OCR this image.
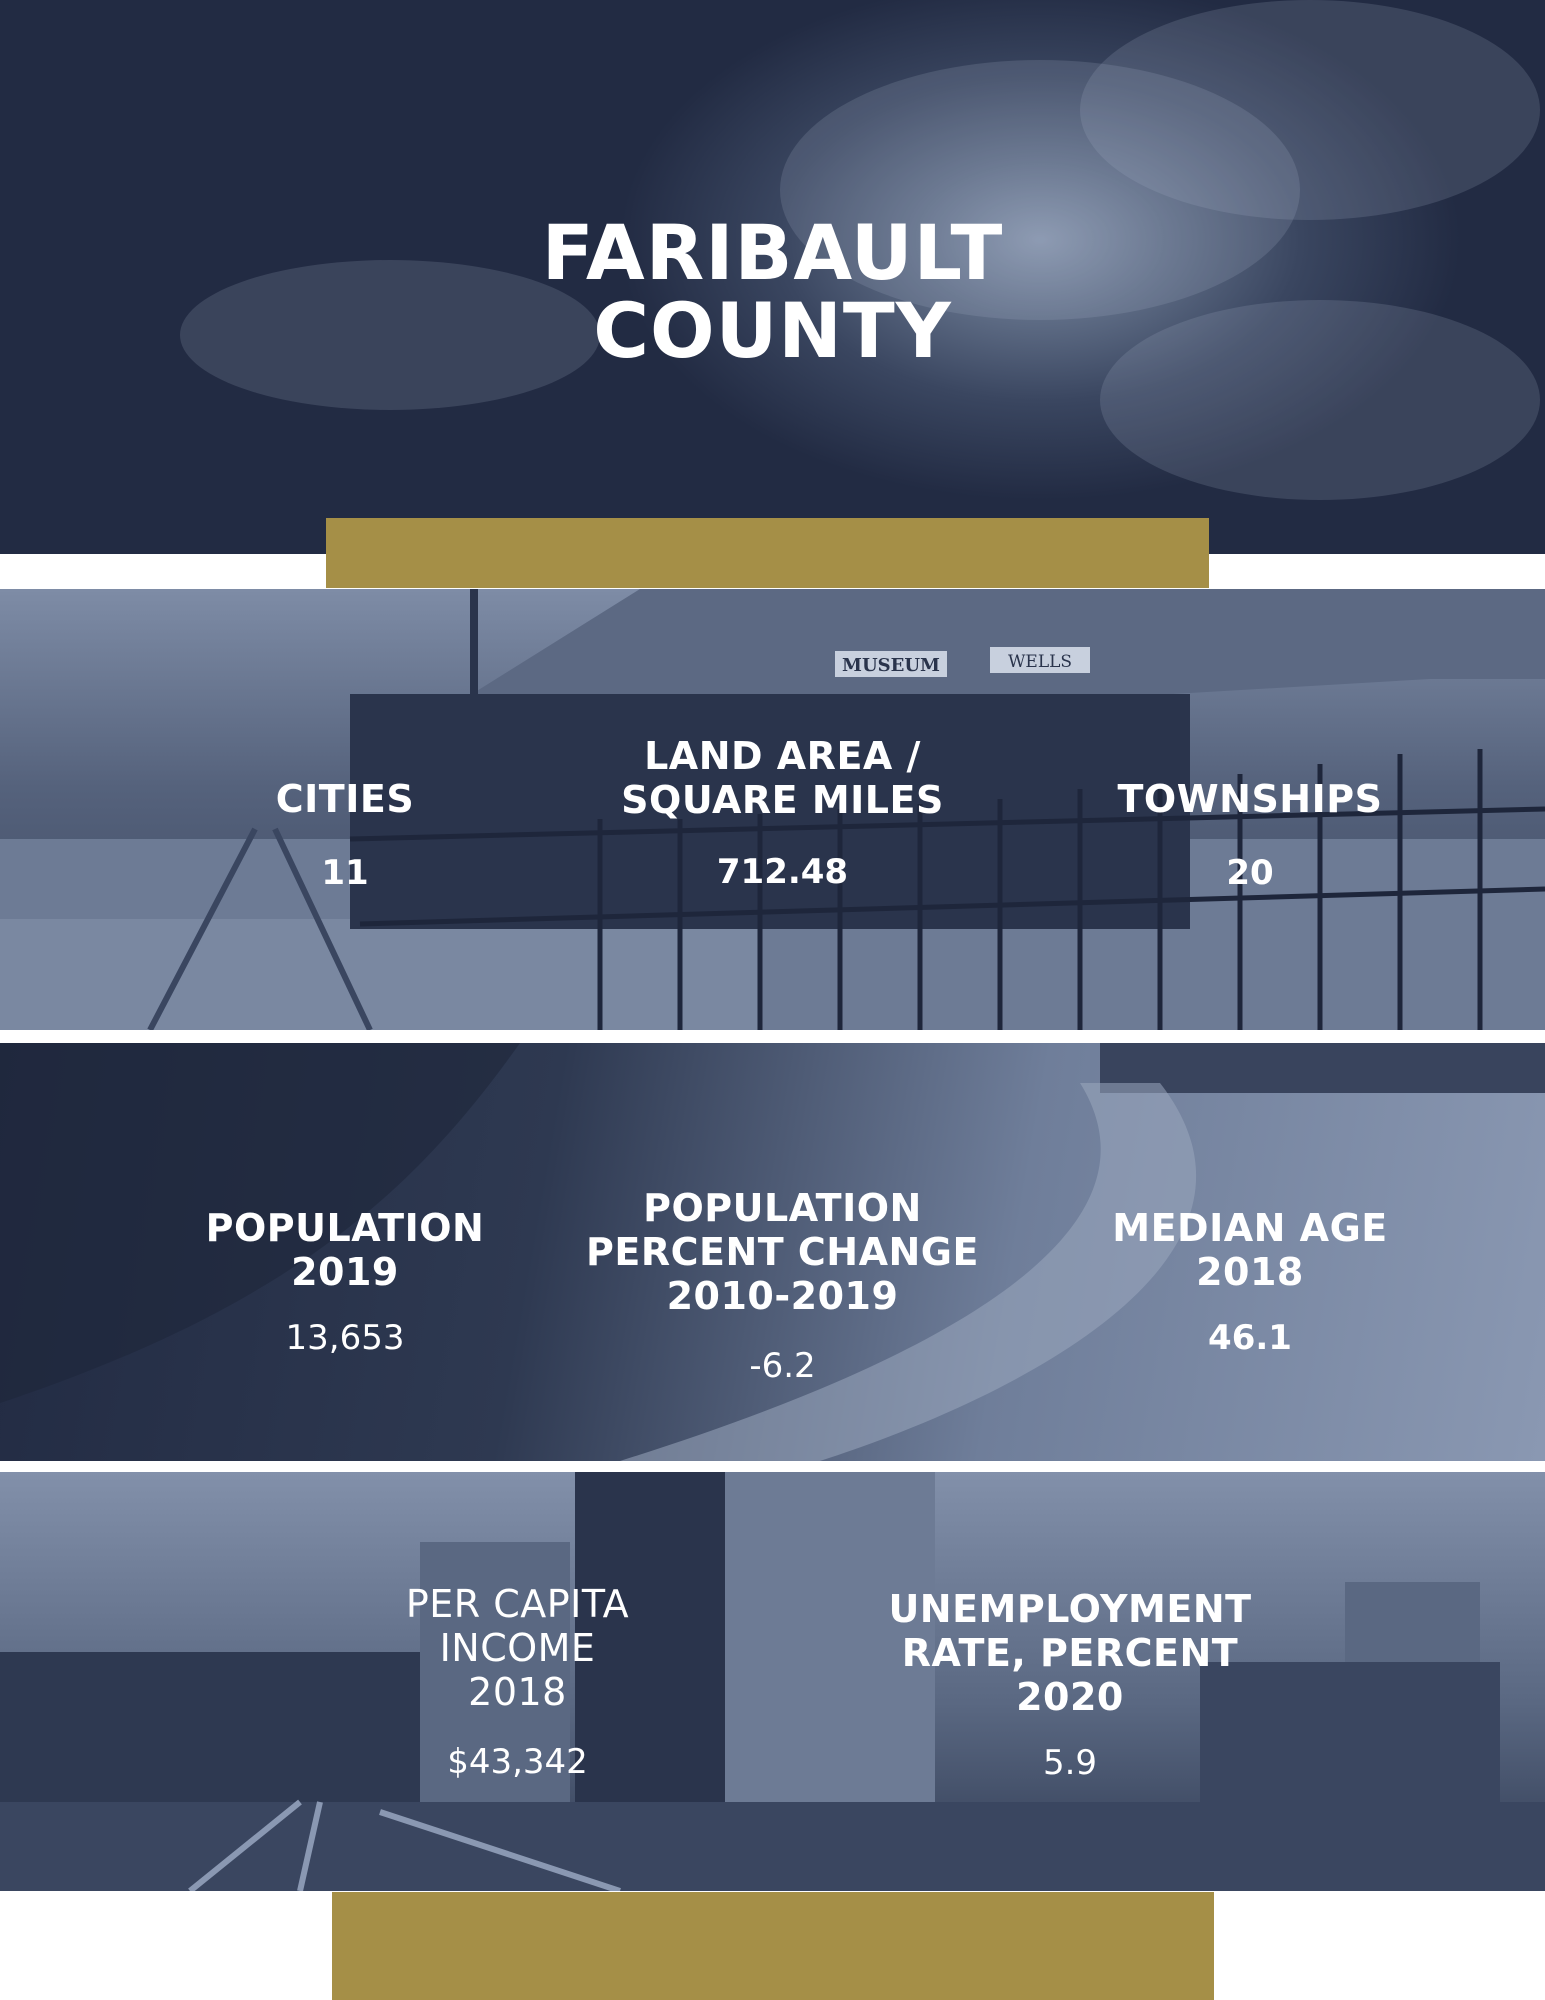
FARIBAULT
COUNTY
MUSEUM	WELLS
CITIES
11
LAND AREA /
SQUARE MILES
712.48
TOWNSHIPS
20
POPULATION
2019
13,653
POPULATION
PERCENT CHANGE
2010-2019
-6.2
MEDIAN AGE
2018
46.1
PER CAPITA
INCOME
2018
$43,342
UNEMPLOYMENT
RATE, PERCENT
2020
5.9
